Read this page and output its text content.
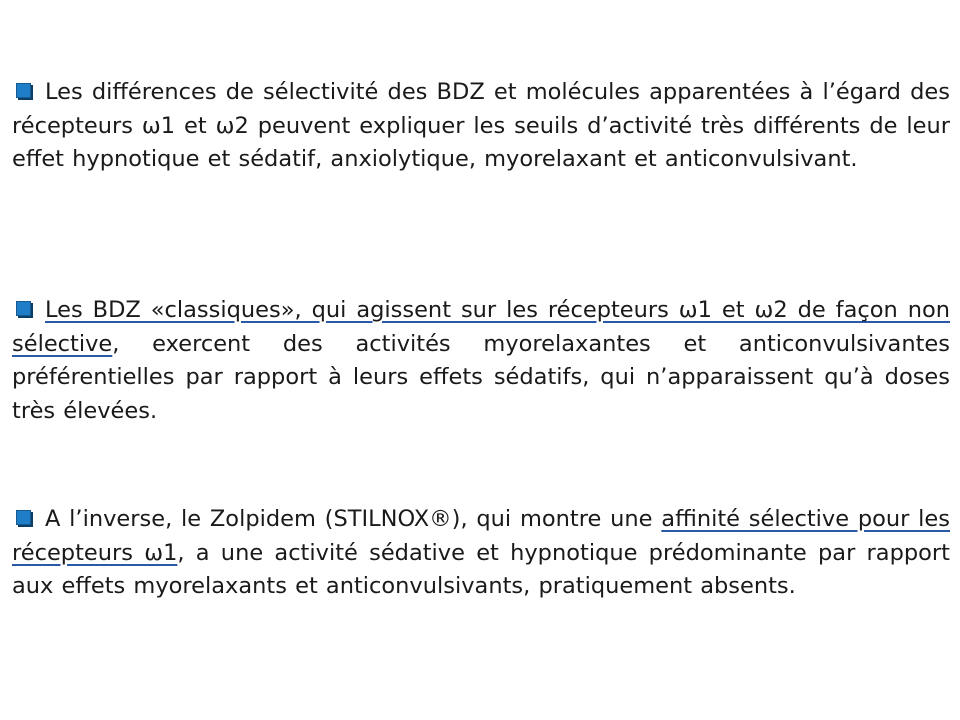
Les différences de sélectivité des BDZ et molécules apparentées à l’égard des récepteurs ω1 et ω2 peuvent expliquer les seuils d’activité très différents de leur effet hypnotique et sédatif, anxiolytique, myorelaxant et anticonvulsivant.

Les BDZ «classiques», qui agissent sur les récepteurs ω1 et ω2 de façon non sélective, exercent des activités myorelaxantes et anticonvulsivantes préférentielles par rapport à leurs effets sédatifs, qui n’apparaissent qu’à doses très élevées.

A l’inverse, le Zolpidem (STILNOX®), qui montre une affinité sélective pour les récepteurs ω1, a une activité sédative et hypnotique prédominante par rapport aux effets myorelaxants et anticonvulsivants, pratiquement absents.
